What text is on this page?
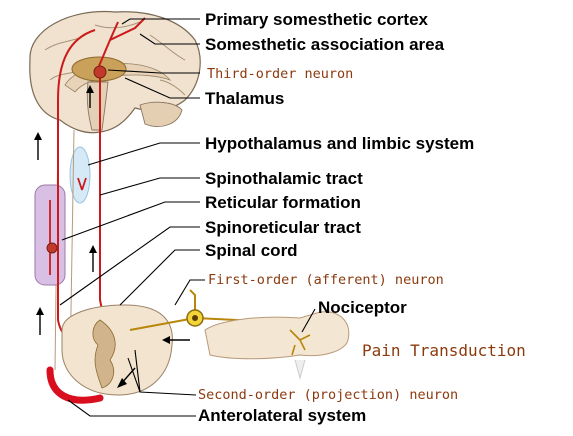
Primary somesthetic cortex
Somesthetic association area
Third-order neuron
Thalamus
Hypothalamus and limbic system
Spinothalamic tract
Reticular formation
Spinoreticular tract
Spinal cord
First-order (afferent) neuron
Nociceptor
Pain Transduction
Second-order (projection) neuron
Anterolateral system
